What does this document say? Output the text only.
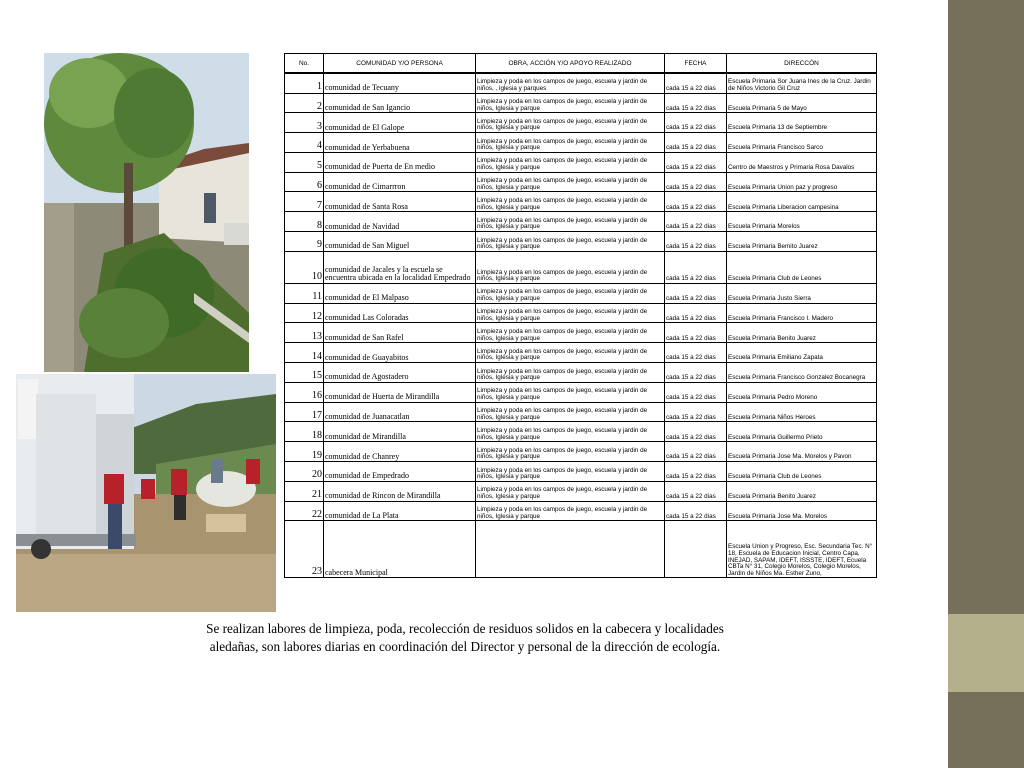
No.	COMUNIDAD Y/O PERSONA	OBRA, ACCIÓN Y/O APOYO REALIZADO	FECHA	DIRECCÓN
1	comunidad de Tecuany	Limpieza y poda en los campos de juego, escuela y jardin de niños, , iglesia y parques	cada 15 a 22 dias	Escuela Primaria Sor Juana Ines de la Cruz. Jardin de Niños Victorio Gil Cruz
2	comunidad de San Igancio	Limpieza y poda en los campos de juego, escuela y jardin de niños, Iglesia y parque	cada 15 a 22 dias	Escuela Primaria 5 de Mayo
3	comunidad de El Galope	Limpieza y poda en los campos de juego, escuela y jardin de niños, Iglesia y parque	cada 15 a 22 dias	Escuela Primaria 13 de Septiembre
4	comunidad de Yerbabuena	Limpieza y poda en los campos de juego, escuela y jardin de niños, Iglesia y parque	cada 15 a 22 dias	Escuela Primaria Francisco Sarco
5	comunidad de Puerta de En medio	Limpieza y poda en los campos de juego, escuela y jardin de niños, Iglesia y parque	cada 15 a 22 dias	Centro de Maestros y Primaria Rosa Davalos
6	comunidad de Cimarrron	Limpieza y poda en los campos de juego, escuela y jardin de niños, Iglesia y parque	cada 15 a 22 dias	Escuela Primaria Union paz y progreso
7	comunidad de Santa Rosa	Limpieza y poda en los campos de juego, escuela y jardin de niños, Iglesia y parque	cada 15 a 22 dias	Escuela Primaria Liberacion campesina
8	comunidad de Navidad	Limpieza y poda en los campos de juego, escuela y jardin de niños, Iglesia y parque	cada 15 a 22 dias	Escuela Primaria Morelos
9	comunidad de San Miguel	Limpieza y poda en los campos de juego, escuela y jardin de niños, Iglesia y parque	cada 15 a 22 dias	Escuela Primaria Bemito Juarez
10	comunidad de Jacales y la escuela se encuentra ubicada en la localidad Empedrado	Limpieza y poda en los campos de juego, escuela y jardin de niños, Iglesia y parque	cada 15 a 22 dias	Escuela Primaria Club de Leones
11	comunidad de El Malpaso	Limpieza y poda en los campos de juego, escuela y jardin de niños, Iglesia y parque	cada 15 a 22 dias	Escuela Primaria Justo Sierra
12	comunidad Las Coloradas	Limpieza y poda en los campos de juego, escuela y jardin de niños, Iglesia y parque	cada 15 a 22 dias	Escuela Primaria Francisco I. Madero
13	comunidad de San Rafel	Limpieza y poda en los campos de juego, escuela y jardin de niños, Iglesia y parque	cada 15 a 22 dias	Escuela Primaria Benito Juarez
14	comunidad de Guayabitos	Limpieza y poda en los campos de juego, escuela y jardin de niños, Iglesia y parque	cada 15 a 22 dias	Escuela Primaria Emiliano Zapata
15	comunidad de Agostadero	Limpieza y poda en los campos de juego, escuela y jardin de niños, Iglesia y parque	cada 15 a 22 dias	Escuela Primaria Francisco Gonzalez Bocanegra
16	comunidad de Huerta de Mirandilla	Limpieza y poda en los campos de juego, escuela y jardin de niños, Iglesia y parque	cada 15 a 22 dias	Escuela Primaria Pedro Moreno
17	comunidad de Juanacatlan	Limpieza y poda en los campos de juego, escuela y jardin de niños, Iglesia y parque	cada 15 a 22 dias	Escuela Primaria Niños Heroes
18	comunidad de Mirandilla	Limpieza y poda en los campos de juego, escuela y jardin de niños, Iglesia y parque	cada 15 a 22 dias	Escuela Primaria Guillermo Prieto
19	comunidad de Chanrey	Limpieza y poda en los campos de juego, escuela y jardin de niños, Iglesia y parque	cada 15 a 22 dias	Escuela Primaria Jose Ma. Morelos y Pavon
20	comunidad de Empedrado	Limpieza y poda en los campos de juego, escuela y jardin de niños, Iglesia y parque	cada 15 a 22 dias	Escuela Primaria Club de Leones
21	comunidad de Rincon de Mirandilla	Limpieza y poda en los campos de juego, escuela y jardin de niños, Iglesia y parque	cada 15 a 22 dias	Escuela Primaria Benito Juarez
22	comunidad de La Plata	Limpieza y poda en los campos de juego, escuela y jardin de niños, Iglesia y parque	cada 15 a 22 dias	Escuela Primaria Jose Ma. Morelos
23	cabecera Municipal			Escuela Union y Progreso, Esc. Secundaria Tec. N° 18, Escuela de Educacion Inicial, Centro Capa, INEJAD, SAPAM, IDEFT, ISSSTE, IDEFT, Ecuela CBTa N° 31, Colegio Morelos, Colegio Morelos, Jardin de Niños Ma. Esther Zuno,
Se realizan labores de limpieza, poda, recolección de residuos solidos en la cabecera y localidades
aledañas, son labores diarias en coordinación del Director y personal de la dirección de ecología.
